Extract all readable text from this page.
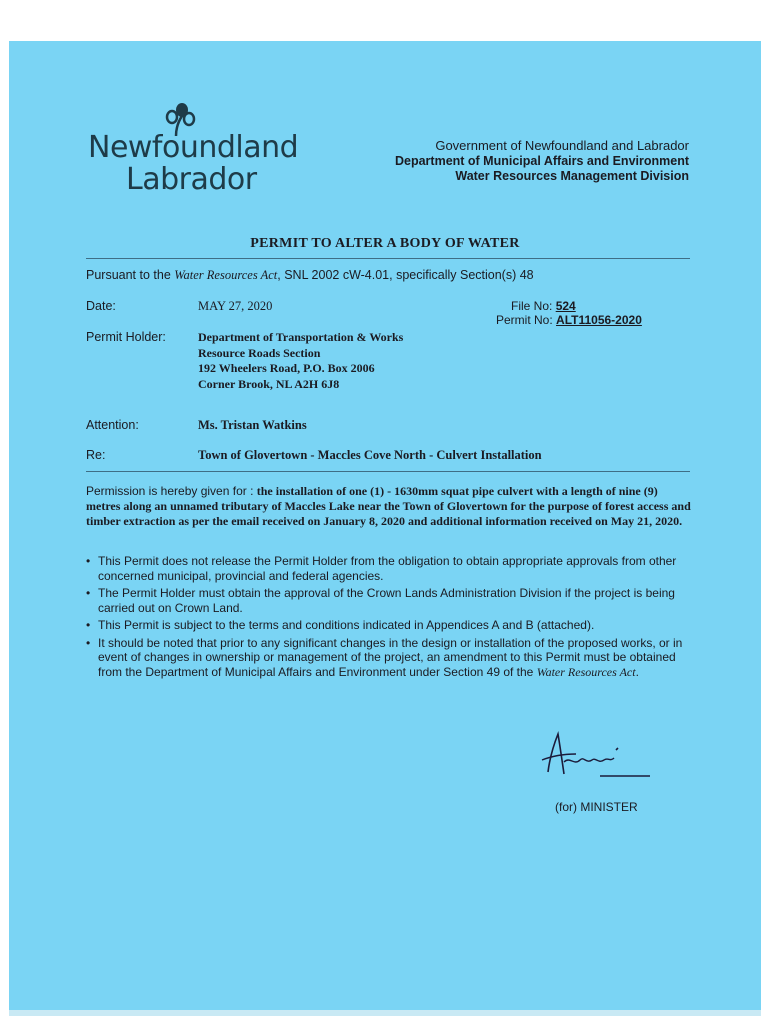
Newfoundland
Labrador
Government of Newfoundland and Labrador
Department of Municipal Affairs and Environment
Water Resources Management Division
PERMIT TO ALTER A BODY OF WATER
Pursuant to the Water Resources Act, SNL 2002 cW-4.01, specifically Section(s) 48
Date:	MAY 27, 2020	File No: 524
Permit No: ALT11056-2020
Permit Holder:	Department of Transportation & Works
Resource Roads Section
192 Wheelers Road, P.O. Box 2006
Corner Brook, NL A2H 6J8
Attention:	Ms. Tristan Watkins
Re:	Town of Glovertown - Maccles Cove North - Culvert Installation
Permission is hereby given for : the installation of one (1) - 1630mm squat pipe culvert with a length of nine (9) metres along an unnamed tributary of Maccles Lake near the Town of Glovertown for the purpose of forest access and timber extraction as per the email received on January 8, 2020 and additional information received on May 21, 2020.
• This Permit does not release the Permit Holder from the obligation to obtain appropriate approvals from other concerned municipal, provincial and federal agencies.
• The Permit Holder must obtain the approval of the Crown Lands Administration Division if the project is being carried out on Crown Land.
• This Permit is subject to the terms and conditions indicated in Appendices A and B (attached).
• It should be noted that prior to any significant changes in the design or installation of the proposed works, or in event of changes in ownership or management of the project, an amendment to this Permit must be obtained from the Department of Municipal Affairs and Environment under Section 49 of the Water Resources Act.
(for) MINISTER
